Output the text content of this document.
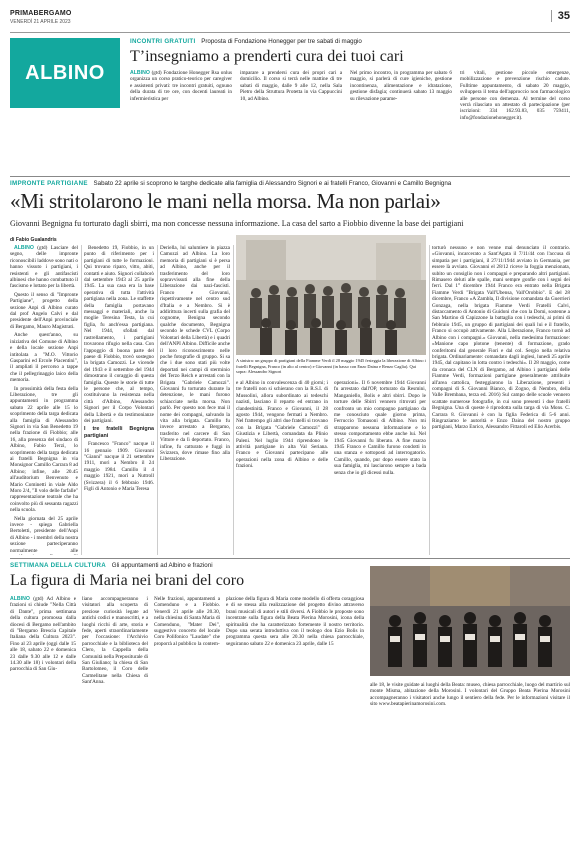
PRIMABERGAMO
VENERDÌ 21 APRILE 2023	35
ALBINO
INCONTRI GRATUITI Proposta di Fondazione Honegger per tre sabati di maggio
T’insegniamo a prenderti cura dei tuoi cari
ALBINO (gtd) Fondazione Honegger Rsa onlus organizza un corso pratico-teorico per caregiver e assistenti privati: tre incontri gratuiti, ognuno della durata di tre ore, con docenti laureati in infermieristica per
imparare a prendersi cura dei propri cari a domicilio. Il corso si terrà nelle mattine di tre sabati di maggio, dalle 9 alle 12, nella Sala Pietro della Struttura Protetta in via Cappuccini 10, ad Albino.
Nel primo incontro, in programma per sabato 6 maggio, si parlerà di cure igieniche, gestione incontinenza, alimentazione e idratazione, gestione disfagia; continuerà sabato 13 maggio su rilevazione parame-
tri vitali, gestione piccole emergenze, mobilizzazione e prevenzione rischio cadute. Fulltime appuntamento, di sabato 20 maggio, sviluppera il tema dell'approccio non farmacologico alle persone con demenza. Al termine del corso verrà rilasciato un attestato di partecipazione (per iscrizioni: 334 162.93.83, 035 759411, info@fondazionehonegger.it).
IMPRONTE PARTIGIANE Sabato 22 aprile si scoprono le targhe dedicate alla famiglia di Alessandro Signori e ai fratelli Franco, Giovanni e Camillo Begnigna
«Mi stritolarono le mani nella morsa. Ma non parlai»
Giovanni Begnigna fu torturato dagli sbirri, ma non concesse nessuna informazione. La casa del sarto a Fiobbio divenne la base dei partigiani
di Fabio Gualandris

ALBINO (gtd) Lasciare del segno, delle impronte riconoscibili laddove sono nati o hanno vissuto i partigiani, i resistenti e gli antifascisti albinesi che hanno combattuto il fascismo e lottato per la libertà.

Questo il senso di "Impronte Partigiane", progetto della sezione Anpi di Albino curato dal prof Angelo Calvi e dal presidente dell'Anpi provinciale di Bergamo, Mauro Magistrati.

Anche quest'anno, su iniziativa del Comune di Albino e della locale sezione Anpi intitolata a "M.O. Vittorio Gasparini ed Ercole Piacentini", il ampliati il percorso a tappe che il pellegrinaggio laico della memoria.

In prossimità della festa della Liberazione, tre gli appuntamenti in programma sabato 22 aprile alle 15 lo scoprimento della targa dedicata alla famiglia di Alessandro Signori in via San Benedetto 19 nella frazione di Fiobbio; alle 16, alla presenza del sindaco di Albino, Fabio Terzi, lo scoprimento della targa dedicata ai fratelli Begnigna in via Monsignor Camillo Carrara 8 ad Albino; infine, alle 20.45 all'auditorium Benvenuto e Mario Cominetti in viale Aldo Moro 2/4, "Il volo delle farfalle" rappresentazione teatrale che ha coinvolto più di sessanta ragazzi nella scuola.

Nella giornata del 25 aprile invece - spiega Gabriella Bertoletti, presidente dell'Anpi di Albino - i membri della nostra sezione parteciperanno normalmente alle

Benedetto 19, Fiobbio, in un punto di riferimento per i partigiani di tutte le formazioni. Qui trovano riparo, vitto, abiti, contatti e aiuto. Signori collaborò dal settembre 1943 al 25 aprile 1945. La sua casa era la base operativa di tutta l'attività partigiana nella zona. Le staffette della famiglia portavano messaggi e materiali, anche la moglie Teresina Testa, la cui figlia, fu anch'essa partigiana. Nel 1944, sfollati dal rastrellamento, i partigiani trovarono rifugio nella casa. Con l'appoggio di buona parte del paese di Fiobbio, trovò sostegno la brigata Camozzi. Le vicende del 1943 e il settembre del 1944 dimostrano il coraggio di questa famiglia. Queste le storie di tutte le persone che, al tempo, costituivano la resistenza nella città d'Albino, Alessandro Signori per il Corpo Volontari della Libertà e da testimonianze dei partigiani.

I tre fratelli Begnigna partigiani

Francesco "Franco" nacque il 16 gennaio 1909. Giovanni "Gianni" nacque il 21 settembre 1911, morì a Nembro il 24 maggio 1984. Camillo il 4 maggio 1921, morì a Nuttroll (Svizzera) il 6 febbraio 1946. Figli di Antonio e Maria Teresa

Deriella, lui salumiere in piazza Camozzi ad Albino. La loro memoria di partigiani si è persa ad Albino, anche per il trasferimento del loro sopravvissuti alla fine della Liberazione dai nazi-fascisti. Franco e Giovanni, rispettivamente nel centro sud d'Italia e a Nembro. Si è addirittura incerti sulla grafia del cognome, Benigna secondo qualche documento, Begnigna secondo le schede CVL (Corpo Volontari della Libertà) e i quadri dell'ANPI Albino. Difficile anche il loro riconoscimento nelle poche fotografie di gruppo. Si sa che i due sono stati più volte deportati nei campi di sterminio del Terzo Reich e arrestati con la Brigata "Gabriele Camozzi". Giovanni fu torturato durante la detenzione, le mani furono schiacciate nella morsa. Non parlò. Per questo non fece mai il nome dei compagni, salvando la vita alla brigata. Camillo fu invece arrestato a Bergamo, trasferito nel carcere di San Vittore e da lì deportato. Franco, infine, fu catturato e fuggì in Svizzera, dove rimase fino alla Liberazione.
e al Albino in convalescenza di 40 giorni; i tre fratelli non si schierano con la R.S.I. di Mussolini, allora subordinato ai tedeschi nazisti, lasciano il reparto ed entrano in clandestinità. Franco e Giovanni, il 28 agosto 1944, vengono fermati a Nembro. Nel frattempo gli altri due fratelli si trovano con la Brigata "Gabriele Camozzi" di Giustizia e Libertà, comandata da Plinio Paleni. Nel luglio 1944 riprendono le attività partigiane in alta Val Seriana. Franco e Giovanni partecipano alle operazioni nella zona di Albino e delle frazioni.
operazioni». Il 6 novembre 1944 Giovanni fu arrestato dall'OP, torturato da Resmini, Manganiello, Bolis e altri sbirri. Dopo le torture delle Sbirri vennero ritrovati per confronto un mio compagno partigiano da me conosciuto quale giorno prima, Ferruccio Tomasoni di Albino. Non mi strapparono nessuna informazione e lo stesso comportamento ebbe anche lui. Nel 1945 Giovanni fu liberato. A fine marzo 1945 Franco e Camillo furono condotti in una stanza e sottoposti ad interrogatorio. Camillo, quando, pur dopo essere stato la sua famiglia, mi lasciarono sempre a bada senza che io gli dicessi nulla.
torturò nessuno e non venne mai denunciato il contrario. «Giovanni, incarcerato a Sant'Agata il 7/11/44 con l'accusa di simpatia per i partigiani, il 27/11/1944 avviato in Germania, per essere là avviato. Giovanni el 28/12 riceve la foggia menzionata, subito un consiglio non i compagni e preparando altri partigiani. Rimasero deluti alle spalle, mani sempre gonfie con i segni dei ferri. Dal 1° dicembre 1944 Franco era entrato nella Brigata Fiamme Verdi "Brigata Vall'Ubensa, Vall'Orobbio". E del 28 dicembre, Franco «A Zambla, Il divisione comandata da Guerrieri Gonzaga, nella brigata Fiamme Verdi Fratelli Calvi, distaccamento di Antonio di Guidoni che con la Domi, sostenne a San Martino di Capizzone la battaglia con i tedeschi, ai primi di febbraio 1945, un gruppo di partigiani dei quali lui e il fratello, Franco si occupò attivamente. Alla Liberazione, Franco tornò ad Albino con i compagni.» Giovanni, nella medesima formazione: «Manione capo plotone (tenente) di formazione, grado conferitomi dal generale Fiori e dal col. Sergio nella relativa brigata. Ordinariamente: comandato dagli inglesi, lunedì 25 aprile 1945, dal capitano in lotta contro i tedeschi». Il 28 maggio, come da cronaca del CLN di Bergamo, ad Albino i partigiani delle Fiamme Verdi, formazioni partigiane generalmente attribuite all'area cattolica, festeggiarono la Liberazione, presenti i compagni di S. Giovanni Bianco, di Zogno, di Nembro, della Valle Brembana, terza ed. 2016) Sul campo delle scuole vennero scattate numerose fotografie, in cui sono presenti i due fratelli Begnigna. Una di queste è riprodotta sulla targa di via Mons. C. Carrara 8. Giovanni è con la figlia Federica di 5-6 anni. Ringraziamo le autorità e Enzo Daina del nostro gruppo partigiani, Marzo Enrico, Alessandro Fittaroli ed Elio Acerbis.
A sinistra: un gruppo di partigiani della Fiamme Verdi il 28 maggio 1945 festeggia la liberazione di Albino i fratelli Begnigna, Franco (in alto al centro) e Giovanni (in basso con Enzo Daina e Renzo Caglia). Qui sopra: Alessandro Signori
SETTIMANA DELLA CULTURA Gli appuntamenti ad Albino e frazioni
La figura di Maria nei brani del coro
ALBINO (gtd) Ad Albino e frazioni si chiude "Nella Città di Dante", prima settimana della cultura promossa dalla diocesi di Bergamo nell'ambito di "Bergamo Brescia Capitale Italiana della Cultura 2023". Fino al 23 aprile (oggi dalle 15 alle 18, sabato 22 e domenica 23 dalle 9.30 alle 12 e dalle 14.30 alle 18) i volontari della parrocchia di San Giu-
liano accompagneranno i visitatori alla scoperta di preziose curiosità legate ad antichi codici e manoscritti, e a luoghi ricchi di arte, storia e fede, aperti straordinariamente per l'occasione: l'Archivio parrocchiale e la biblioteca del Clero, la Cappella della Comunità nella Prepositurale di San Giuliano; la chiesa di San Bartolomeo, il Coro delle Carmelitane nella Chiesa di Sant'Anna.
Nelle frazioni, appuntamenti a Comenduno e a Fiobbio. Venerdì 21 aprile alle 20.30, nella chiesina di Santa Maria di Comenduno, "Mater Dei", suggestivo concerto del locale Coro Polifonico "Laudate" che proporrà al pubblico la contem-
plazione della figura di Maria come modello di offerta coraggiosa e di se stessa alla realizzazione del progetto divino attraverso brani musicali di autori e stili diversi. A Fiobbio le proposte sono incentrate sulla figura della Beata Pierina Morosini, icona della spiritualità che ha caratterizzato fortemente il nostro territorio. Dopo una serata introduttiva con il teologo don Ezio Bolis in programma questa sera alle 20.30 nella chiesa parrocchiale, seguiranno sabato 22 e domenica 23 aprile, dalle 15
alle 18, le visite guidate ai luoghi della Beata: museo, chiesa parrocchiale, luogo del martirio sul monte Misma, abitazione della Morosini. I volontari del Gruppo Beata Pierina Morosini accompagneranno i visitatori anche lungo il sentiero della fede. Per le informazioni visitare il sito www.beatapierinamorosini.com.
